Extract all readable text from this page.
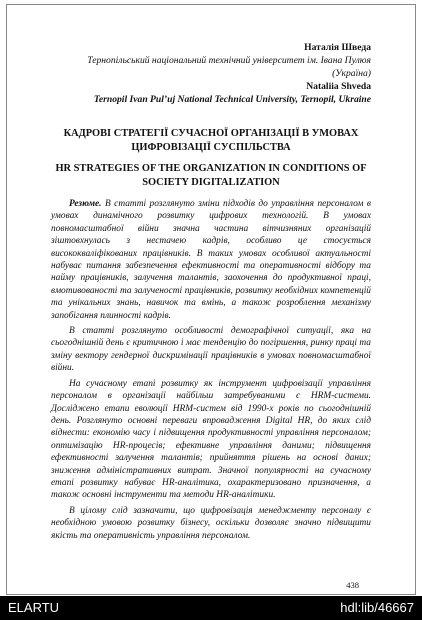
Наталія Шведа
Тернопільський національний технічний університет ім. Івана Пулюя (Україна)
Nataliia Shveda
Ternopil Ivan Pul’uj National Technical University, Ternopil, Ukraine
КАДРОВІ СТРАТЕГІЇ СУЧАСНОЇ ОРГАНІЗАЦІЇ В УМОВАХ ЦИФРОВІЗАЦІЇ СУСПІЛЬСТВА
HR STRATEGIES OF THE ORGANIZATION IN CONDITIONS OF SOCIETY DIGITALIZATION

Резюме. В статті розглянуто зміни підходів до управління персоналом в умовах динамічного розвитку цифрових технологій. В умовах повномасштабної війни значна частина вітчизняних організацій зіштовхнулась з нестачею кадрів, особливо це стосується висококваліфікованих працівників. В таких умовах особливої актуальності набуває питання забезпечення ефективності та оперативності відбору та найму працівників, залучення талантів, заохочення до продуктивної праці, вмотивованості та залученості працівників, розвитку необхідних компетенцій та унікальних знань, навичок та вмінь, а також розроблення механізму запобігання плинності кадрів.

В статті розглянуто особливості демографічної ситуації, яка на сьогоднішній день є критичною і має тенденцію до погіршення, ринку праці та зміну вектору гендерної дискримінації працівників в умовах повномасштабної війни.

На сучасному етапі розвитку як інструмент цифровізації управління персоналом в організації найбільш затребуваними є HRM-системи. Досліджено етапи еволюції HRM-систем від 1990-х років по сьогоднішній день. Розглянуто основні переваги впровадження Digital HR, до яких слід віднести: економію часу і підвищення продуктивності управління персоналом; оптимізацію HR-процесів; ефективне управління даними; підвищення ефективності залучення талантів; прийняття рішень на основі даних; зниження адміністративних витрат. Значної популярності на сучасному етапі розвитку набуває HR-аналітика, охарактеризовано призначення, а також основні інструменти та методи HR-аналітики.

В цілому слід зазначити, що цифровізація менеджменту персоналу є необхідною умовою розвитку бізнесу, оскільки дозволяє значно підвищити якість та оперативність управління персоналом.

438
ELARTU	hdl:lib/46667
